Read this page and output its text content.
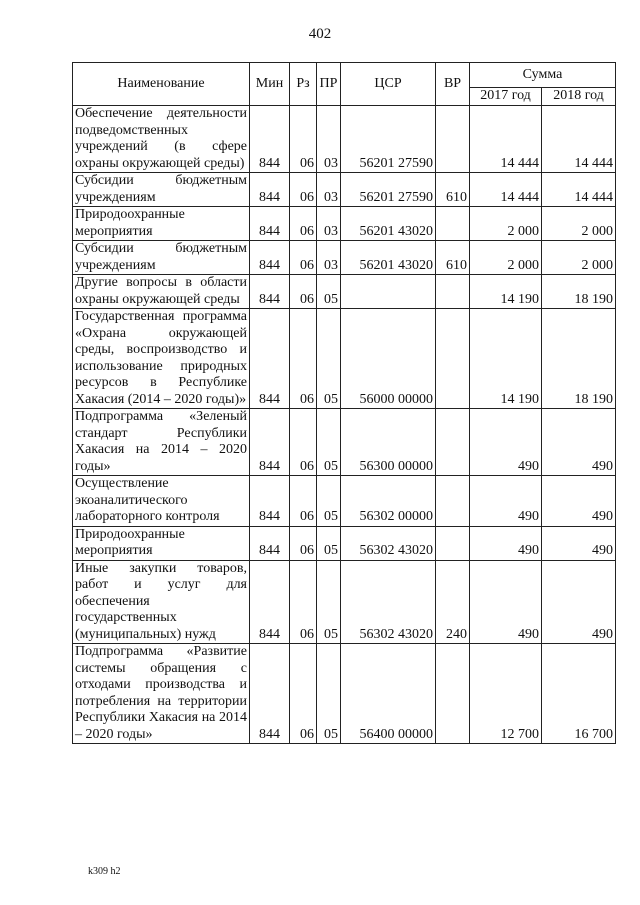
402
Наименование	Мин	Рз	ПР	ЦСР	ВР	Сумма	
						2017 год	2018 год
Обеспечение деятельности подведомственных учреждений (в сфере охраны окружающей среды)	844	06	03	56201 27590		14 444	14 444
Субсидии бюджетным учреждениям	844	06	03	56201 27590	610	14 444	14 444
Природоохранные мероприятия	844	06	03	56201 43020		2 000	2 000
Субсидии бюджетным учреждениям	844	06	03	56201 43020	610	2 000	2 000
Другие вопросы в области охраны окружающей среды	844	06	05			14 190	18 190
Государственная программа «Охрана окружающей среды, воспроизводство и использование природных ресурсов в Республике Хакасия (2014 – 2020 годы)»	844	06	05	56000 00000		14 190	18 190
Подпрограмма «Зеленый стандарт Республики Хакасия на 2014 – 2020 годы»	844	06	05	56300 00000		490	490
Осуществление экоаналитического лабораторного контроля	844	06	05	56302 00000		490	490
Природоохранные мероприятия	844	06	05	56302 43020		490	490
Иные закупки товаров, работ и услуг для обеспечения государственных (муниципальных) нужд	844	06	05	56302 43020	240	490	490
Подпрограмма «Развитие системы обращения с отходами производства и потребления на территории Республики Хакасия на 2014 – 2020 годы»	844	06	05	56400 00000		12 700	16 700
k309 h2
